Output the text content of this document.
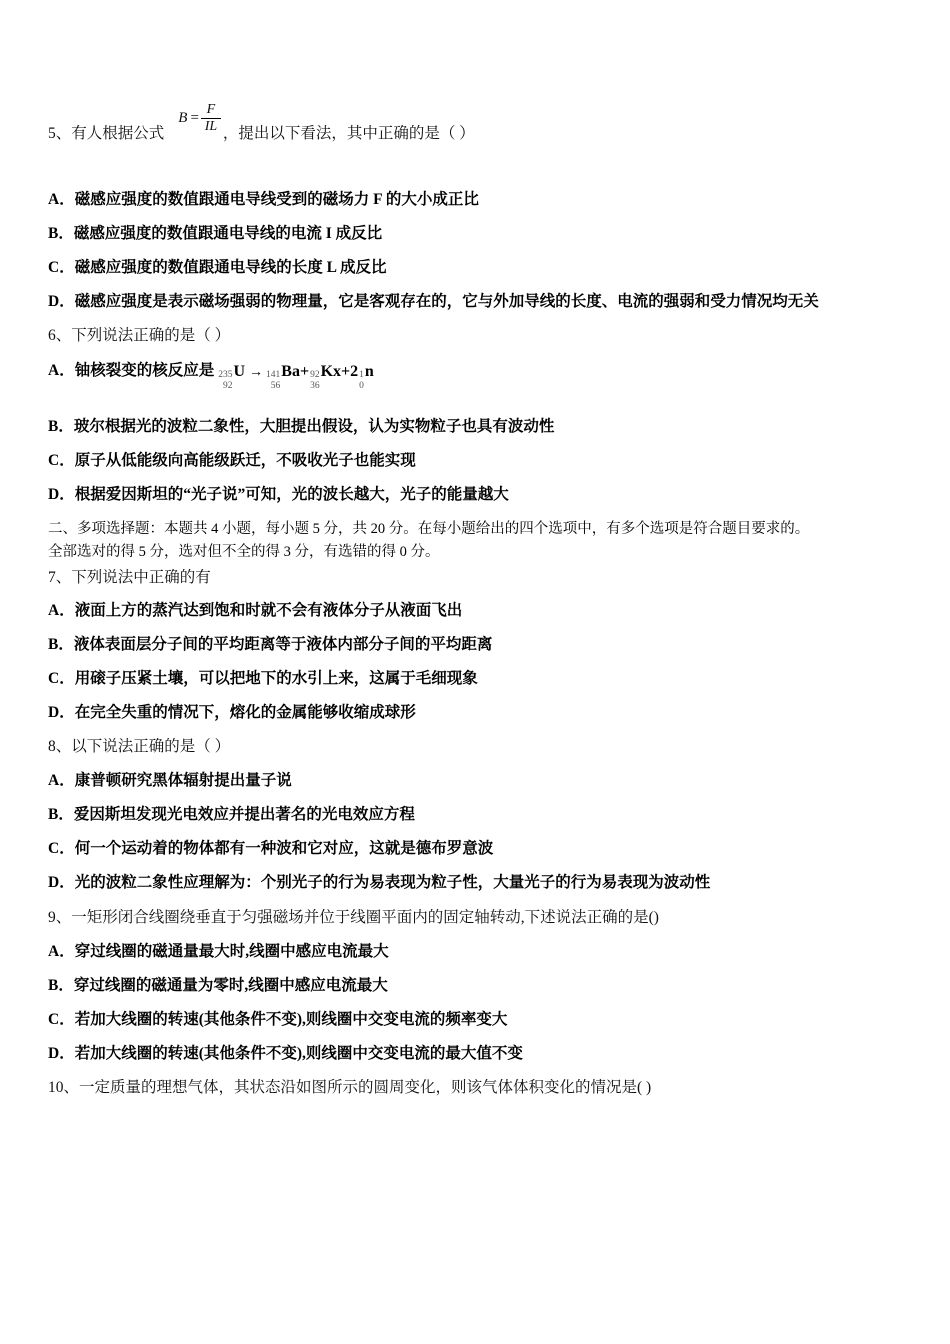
5、有人根据公式
$B = \frac{F}{IL}$ ，提出以下看法，其中正确的是（ ）
A．磁感应强度的数值跟通电导线受到的磁场力 F 的大小成正比
B．磁感应强度的数值跟通电导线的电流 I 成反比
C．磁感应强度的数值跟通电导线的长度 L 成反比
D．磁感应强度是表示磁场强弱的物理量，它是客观存在的，它与外加导线的长度、电流的强弱和受力情况均无关
6、下列说法正确的是（ ）
A． 铀核裂变的核反应是 235
92
U → 141
56
Ba+ 92
36
Kx+2 1
0
n
B．玻尔根据光的波粒二象性，大胆提出假设，认为实物粒子也具有波动性
C．原子从低能级向高能级跃迁，不吸收光子也能实现
D．根据爱因斯坦的“光子说”可知，光的波长越大，光子的能量越大
二、多项选择题：本题共 4 小题，每小题 5 分，共 20 分。在每小题给出的四个选项中，有多个选项是符合题目要求的。
全部选对的得 5 分，选对但不全的得 3 分，有选错的得 0 分。
7、下列说法中正确的有
A．液面上方的蒸汽达到饱和时就不会有液体分子从液面飞出
B．液体表面层分子间的平均距离等于液体内部分子间的平均距离
C．用磙子压紧土壤，可以把地下的水引上来，这属于毛细现象
D．在完全失重的情况下，熔化的金属能够收缩成球形
8、以下说法正确的是（ ）
A．康普顿研究黑体辐射提出量子说
B．爱因斯坦发现光电效应并提出著名的光电效应方程
C．何一个运动着的物体都有一种波和它对应，这就是德布罗意波
D．光的波粒二象性应理解为：个别光子的行为易表现为粒子性，大量光子的行为易表现为波动性
9、一矩形闭合线圈绕垂直于匀强磁场并位于线圈平面内的固定轴转动,下述说法正确的是()
A．穿过线圈的磁通量最大时,线圈中感应电流最大
B．穿过线圈的磁通量为零时,线圈中感应电流最大
C．若加大线圈的转速(其他条件不变),则线圈中交变电流的频率变大
D．若加大线圈的转速(其他条件不变),则线圈中交变电流的最大值不变
10、一定质量的理想气体，其状态沿如图所示的圆周变化，则该气体体积变化的情况是( )
